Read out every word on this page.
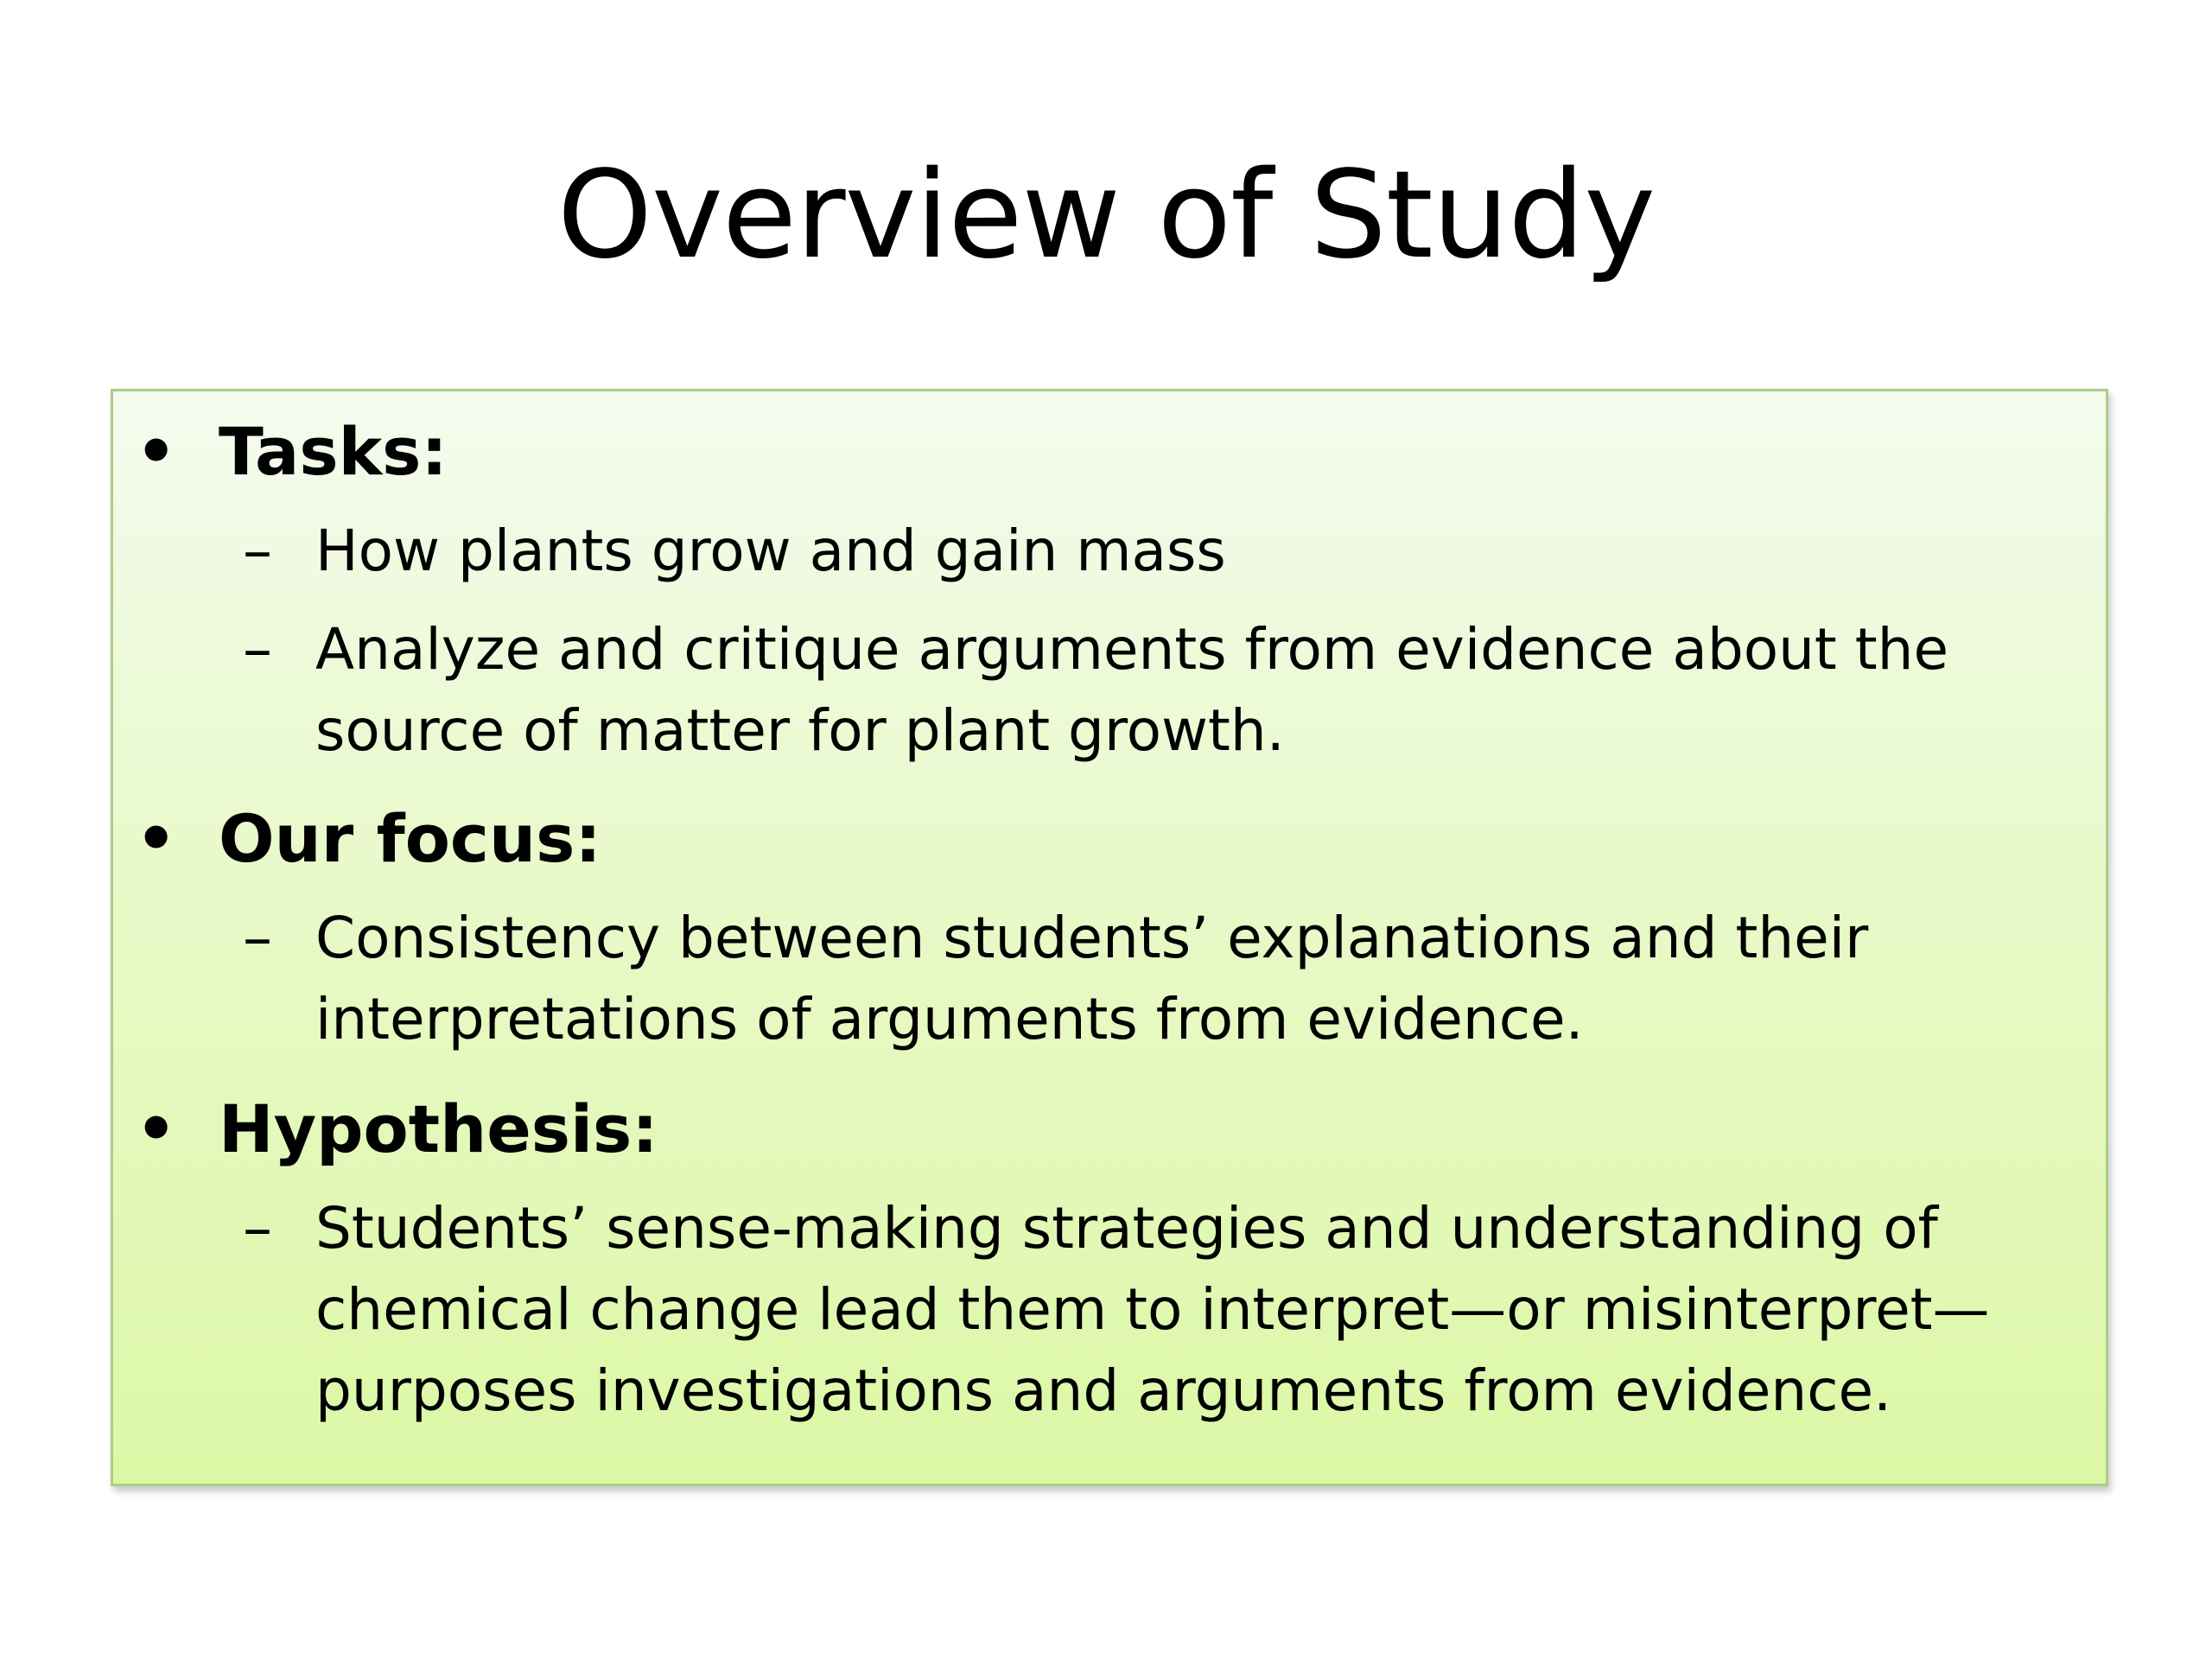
Overview of Study
• Tasks:
– How plants grow and gain mass
– Analyze and critique arguments from evidence about the source of matter for plant growth.
• Our focus:
– Consistency between students’ explanations and their interpretations of arguments from evidence.
• Hypothesis:
– Students’ sense-making strategies and understanding of chemical change lead them to interpret—or misinterpret—purposes investigations and arguments from evidence.
